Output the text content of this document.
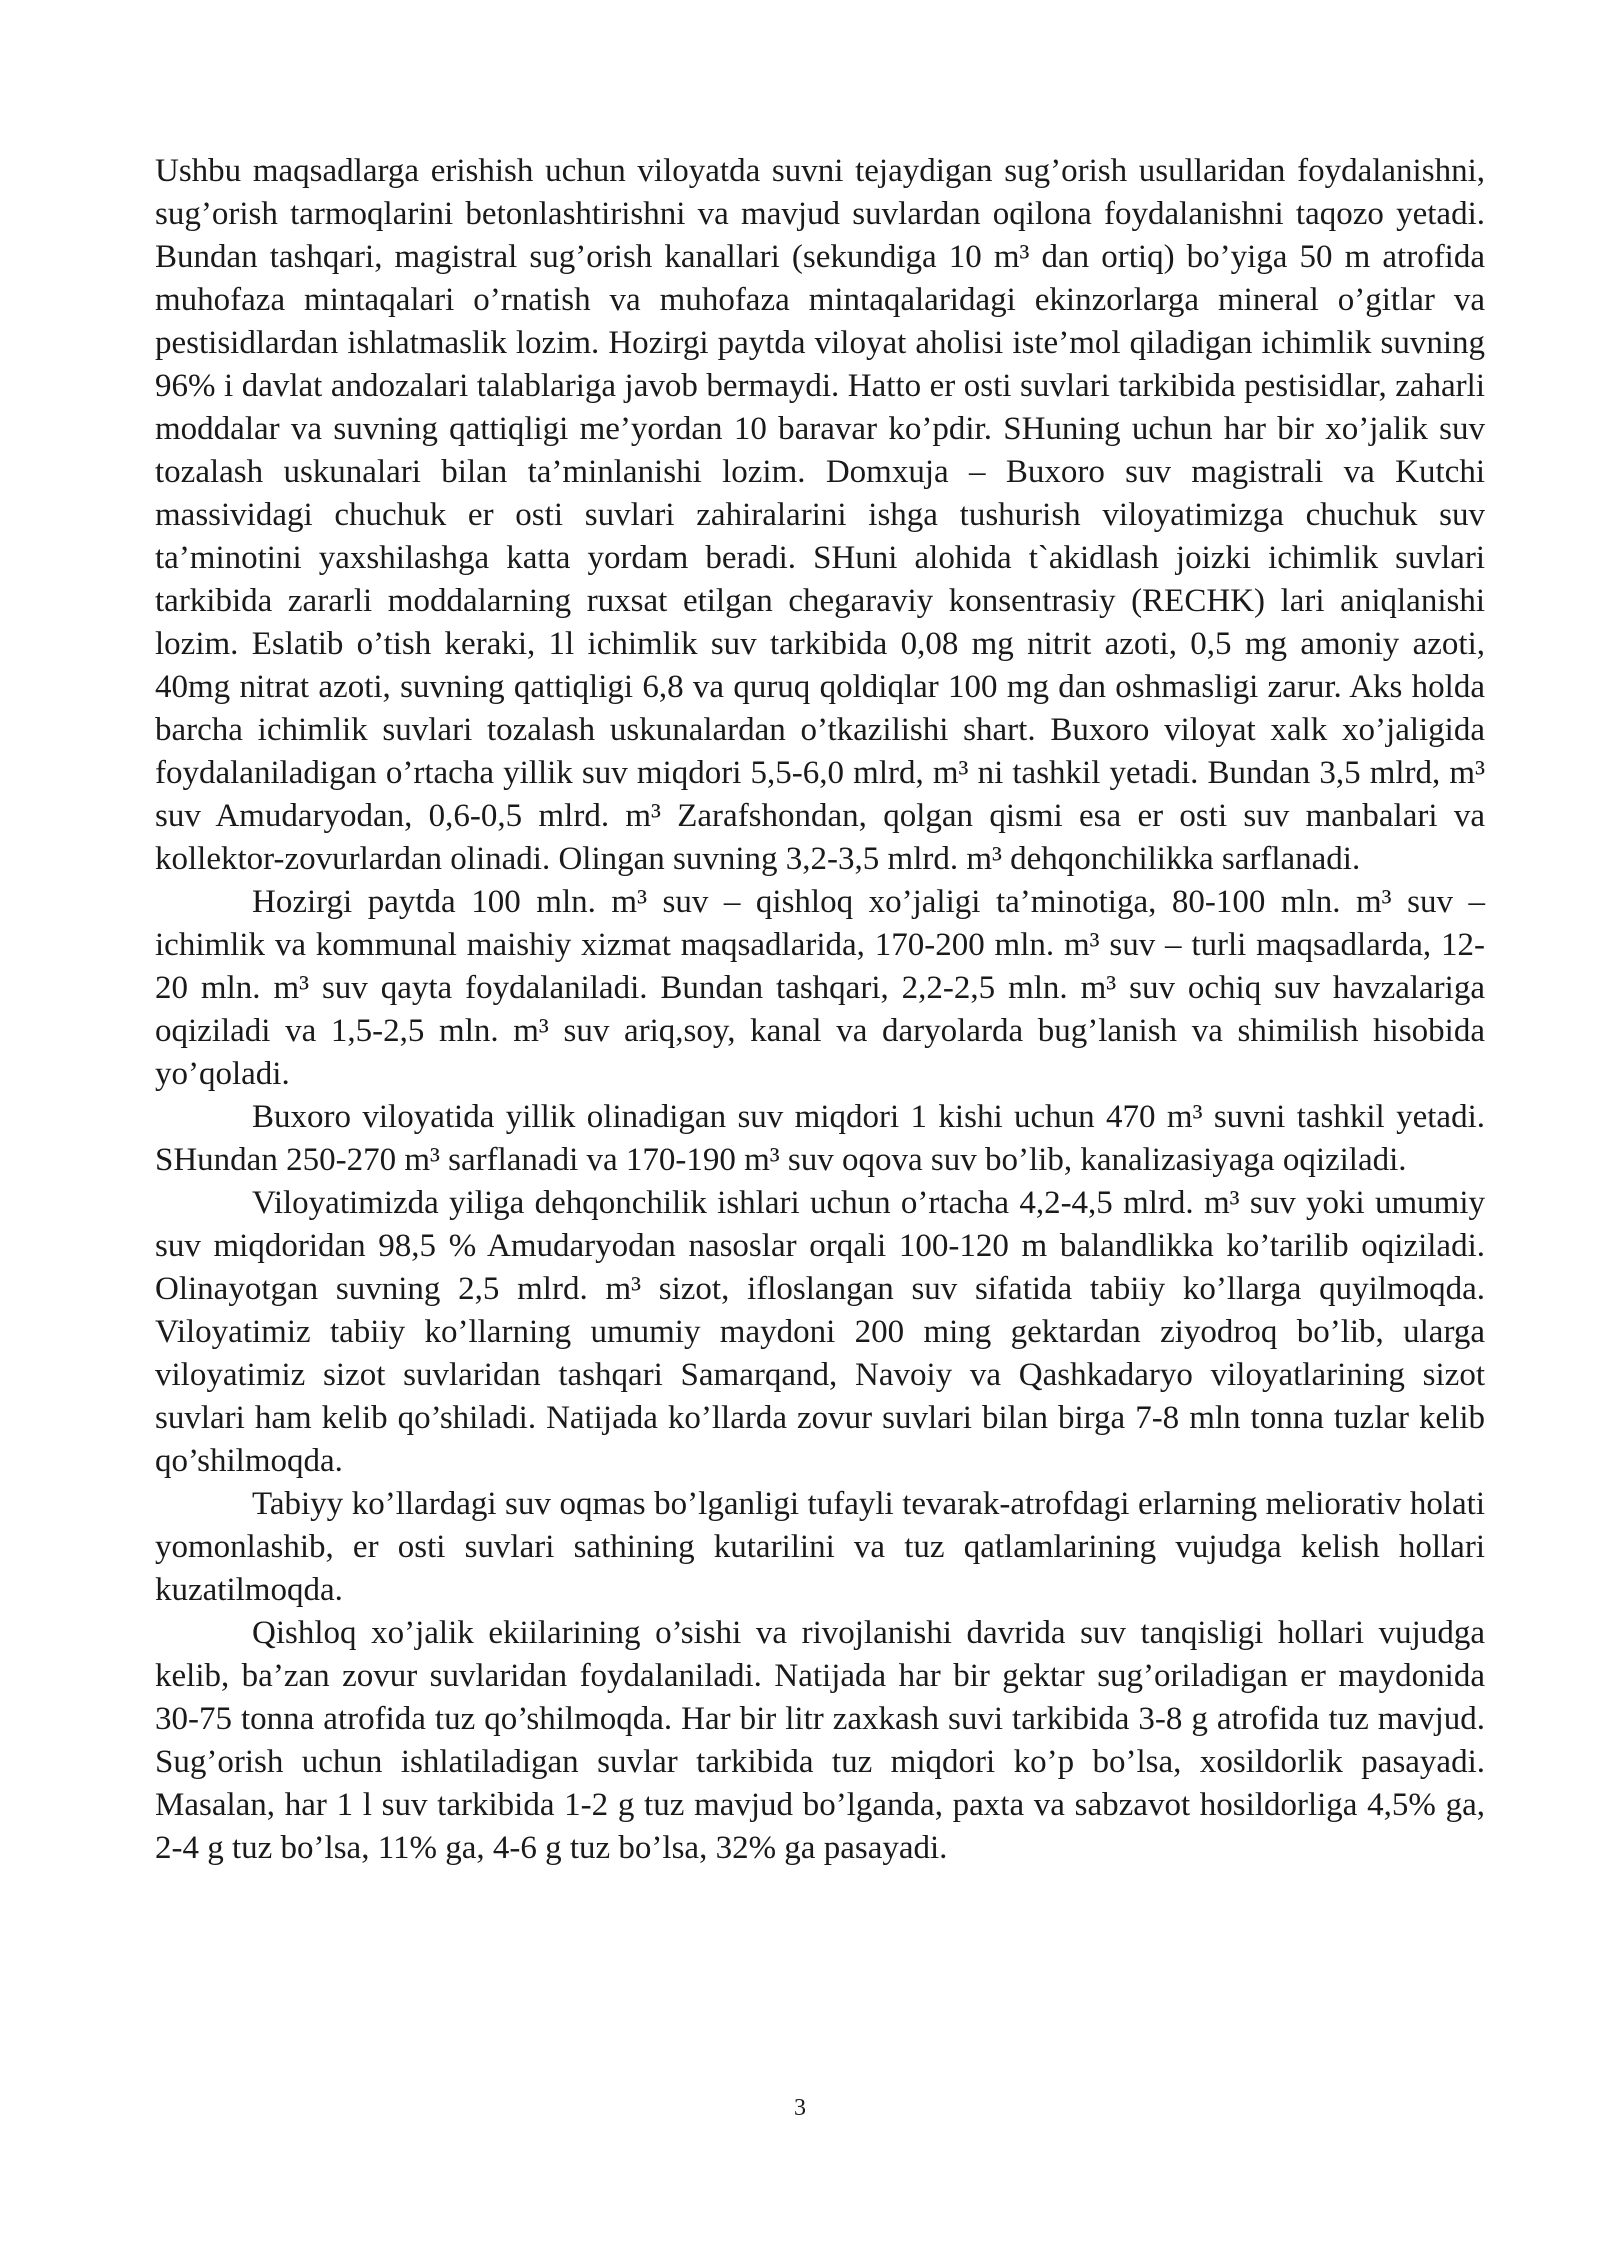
Ushbu maqsadlarga erishish uchun viloyatda suvni tejaydigan sug’orish usullaridan foydalanishni, sug’orish tarmoqlarini betonlashtirishni va mavjud suvlardan oqilona foydalanishni taqozo yetadi. Bundan tashqari, magistral sug’orish kanallari (sekundiga 10 m³ dan ortiq) bo’yiga 50 m atrofida muhofaza mintaqalari o’rnatish va muhofaza mintaqalaridagi ekinzorlarga mineral o’gitlar va pestisidlardan ishlatmaslik lozim. Hozirgi paytda viloyat aholisi iste’mol qiladigan ichimlik suvning 96% i davlat andozalari talablariga javob bermaydi. Hatto er osti suvlari tarkibida pestisidlar, zaharli moddalar va suvning qattiqligi me’yordan 10 baravar ko’pdir. SHuning uchun har bir xo’jalik suv tozalash uskunalari bilan ta’minlanishi lozim. Domxuja – Buxoro suv magistrali va Kutchi massividagi chuchuk er osti suvlari zahiralarini ishga tushurish viloyatimizga chuchuk suv ta’minotini yaxshilashga katta yordam beradi. SHuni alohida t`akidlash joizki ichimlik suvlari tarkibida zararli moddalarning ruxsat etilgan chegaraviy konsentrasiy (RECHK) lari aniqlanishi lozim. Eslatib o’tish keraki, 1l ichimlik suv tarkibida 0,08 mg nitrit azoti, 0,5 mg amoniy azoti, 40mg nitrat azoti, suvning qattiqligi 6,8 va quruq qoldiqlar 100 mg dan oshmasligi zarur. Aks holda barcha ichimlik suvlari tozalash uskunalardan o’tkazilishi shart. Buxoro viloyat xalk xo’jaligida foydalaniladigan o’rtacha yillik suv miqdori 5,5-6,0 mlrd, m³ ni tashkil yetadi. Bundan 3,5 mlrd, m³ suv Amudaryodan, 0,6-0,5 mlrd. m³ Zarafshondan, qolgan qismi esa er osti suv manbalari va kollektor-zovurlardan olinadi. Olingan suvning 3,2-3,5 mlrd. m³ dehqonchilikka sarflanadi.

Hozirgi paytda 100 mln. m³ suv – qishloq xo’jaligi ta’minotiga, 80-100 mln. m³ suv – ichimlik va kommunal maishiy xizmat maqsadlarida, 170-200 mln. m³ suv – turli maqsadlarda, 12-20 mln. m³ suv qayta foydalaniladi. Bundan tashqari, 2,2-2,5 mln. m³ suv ochiq suv havzalariga oqiziladi va 1,5-2,5 mln. m³ suv ariq,soy, kanal va daryolarda bug’lanish va shimilish hisobida yo’qoladi.

Buxoro viloyatida yillik olinadigan suv miqdori 1 kishi uchun 470 m³ suvni tashkil yetadi. SHundan 250-270 m³ sarflanadi va 170-190 m³ suv oqova suv bo’lib, kanalizasiyaga oqiziladi.

Viloyatimizda yiliga dehqonchilik ishlari uchun o’rtacha 4,2-4,5 mlrd. m³ suv yoki umumiy suv miqdoridan 98,5 % Amudaryodan nasoslar orqali 100-120 m balandlikka ko’tarilib oqiziladi. Olinayotgan suvning 2,5 mlrd. m³ sizot, ifloslangan suv sifatida tabiiy ko’llarga quyilmoqda. Viloyatimiz tabiiy ko’llarning umumiy maydoni 200 ming gektardan ziyodroq bo’lib, ularga viloyatimiz sizot suvlaridan tashqari Samarqand, Navoiy va Qashkadaryo viloyatlarining sizot suvlari ham kelib qo’shiladi. Natijada ko’llarda zovur suvlari bilan birga 7-8 mln tonna tuzlar kelib qo’shilmoqda.

Tabiyy ko’llardagi suv oqmas bo’lganligi tufayli tevarak-atrofdagi erlarning meliorativ holati yomonlashib, er osti suvlari sathining kutarilini va tuz qatlamlarining vujudga kelish hollari kuzatilmoqda.

Qishloq xo’jalik ekiilarining o’sishi va rivojlanishi davrida suv tanqisligi hollari vujudga kelib, ba’zan zovur suvlaridan foydalaniladi. Natijada har bir gektar sug’oriladigan er maydonida 30-75 tonna atrofida tuz qo’shilmoqda. Har bir litr zaxkash suvi tarkibida 3-8 g atrofida tuz mavjud. Sug’orish uchun ishlatiladigan suvlar tarkibida tuz miqdori ko’p bo’lsa, xosildorlik pasayadi. Masalan, har 1 l suv tarkibida 1-2 g tuz mavjud bo’lganda, paxta va sabzavot hosildorliga 4,5% ga, 2-4 g tuz bo’lsa, 11% ga, 4-6 g tuz bo’lsa, 32% ga pasayadi.

3
